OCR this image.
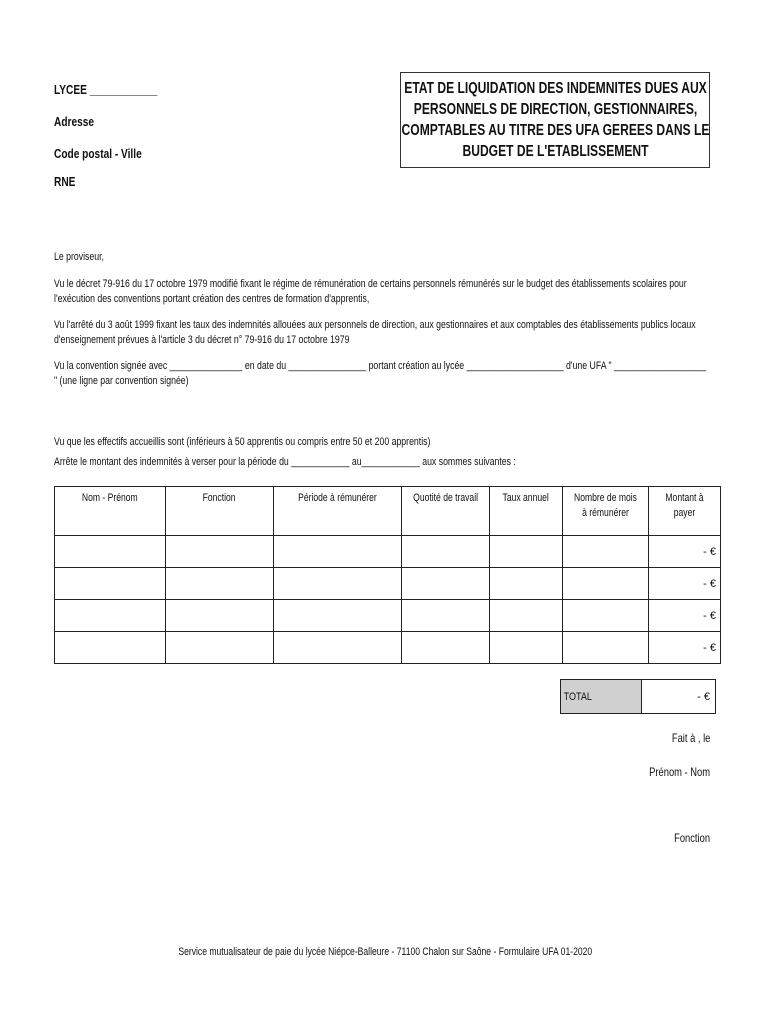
LYCEE ____________
Adresse
Code postal - Ville
RNE
ETAT DE LIQUIDATION DES INDEMNITES DUES AUX PERSONNELS DE DIRECTION, GESTIONNAIRES, COMPTABLES AU TITRE DES UFA GEREES DANS LE BUDGET DE L'ETABLISSEMENT
Le proviseur,
Vu le décret 79-916 du 17 octobre 1979 modifié fixant le régime de rémunération de certains personnels rémunérés sur le budget des établissements scolaires pour l'exécution des conventions portant création des centres de formation d'apprentis,
Vu l'arrêté du 3 août 1999 fixant les taux des indemnités allouées aux personnels de direction, aux gestionnaires et aux comptables des établissements publics locaux d'enseignement prévues à l'article 3 du décret n° 79-916 du 17 octobre 1979
Vu la convention signée avec _______________ en date du ________________ portant création au lycée ____________________ d'une UFA " ___________________ " (une ligne par convention signée)
Vu que les effectifs accueillis sont (inférieurs à 50 apprentis ou compris entre 50 et 200 apprentis)
Arrête le montant des indemnités à verser pour la période du ____________ au____________ aux sommes suivantes :
Nom - Prénom	Fonction	Période à rémunérer	Quotité de travail	Taux annuel	Nombre de mois à rémunérer	Montant à payer
						- €
						- €
						- €
						- €
TOTAL	- €
Fait à , le
Prénom - Nom
Fonction
Service mutualisateur de paie du lycée Niépce-Balleure - 71100 Chalon sur Saône - Formulaire UFA 01-2020
